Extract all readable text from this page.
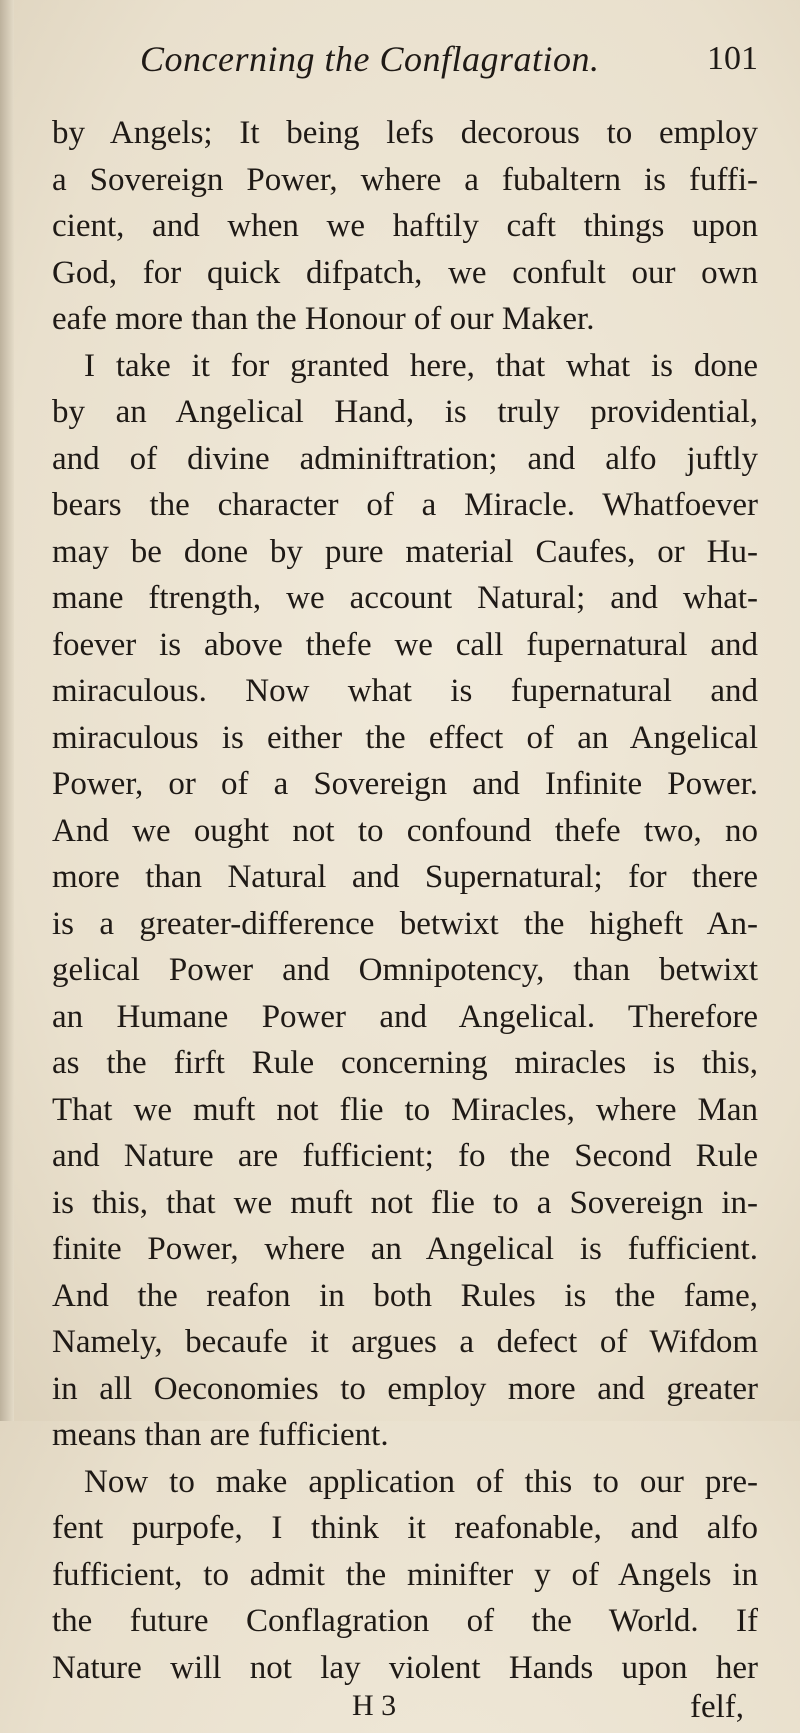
Concerning the Conflagration.	101
by Angels; It being lefs decorous to employ
a Sovereign Power, where a fubaltern is fuffi-
cient, and when we haftily caft things upon
God, for quick difpatch, we confult our own
eafe more than the Honour of our Maker.
I take it for granted here, that what is done
by an Angelical Hand, is truly providential,
and of divine adminiftration; and alfo juftly
bears the character of a Miracle. Whatfoever
may be done by pure material Caufes, or Hu-
mane ftrength, we account Natural; and what-
foever is above thefe we call fupernatural and
miraculous. Now what is fupernatural and
miraculous is either the effect of an Angelical
Power, or of a Sovereign and Infinite Power.
And we ought not to confound thefe two, no
more than Natural and Supernatural; for there
is a greater-difference betwixt the higheft An-
gelical Power and Omnipotency, than betwixt
an Humane Power and Angelical. Therefore
as the firft Rule concerning miracles is this,
That we muft not flie to Miracles, where Man
and Nature are fufficient; fo the Second Rule
is this, that we muft not flie to a Sovereign in-
finite Power, where an Angelical is fufficient.
And the reafon in both Rules is the fame,
Namely, becaufe it argues a defect of Wifdom
in all Oeconomies to employ more and greater
means than are fufficient.
Now to make application of this to our pre-
fent purpofe, I think it reafonable, and alfo
fufficient, to admit the minifter y of Angels in
the future Conflagration of the World. If
Nature will not lay violent Hands upon her
H 3	felf,
